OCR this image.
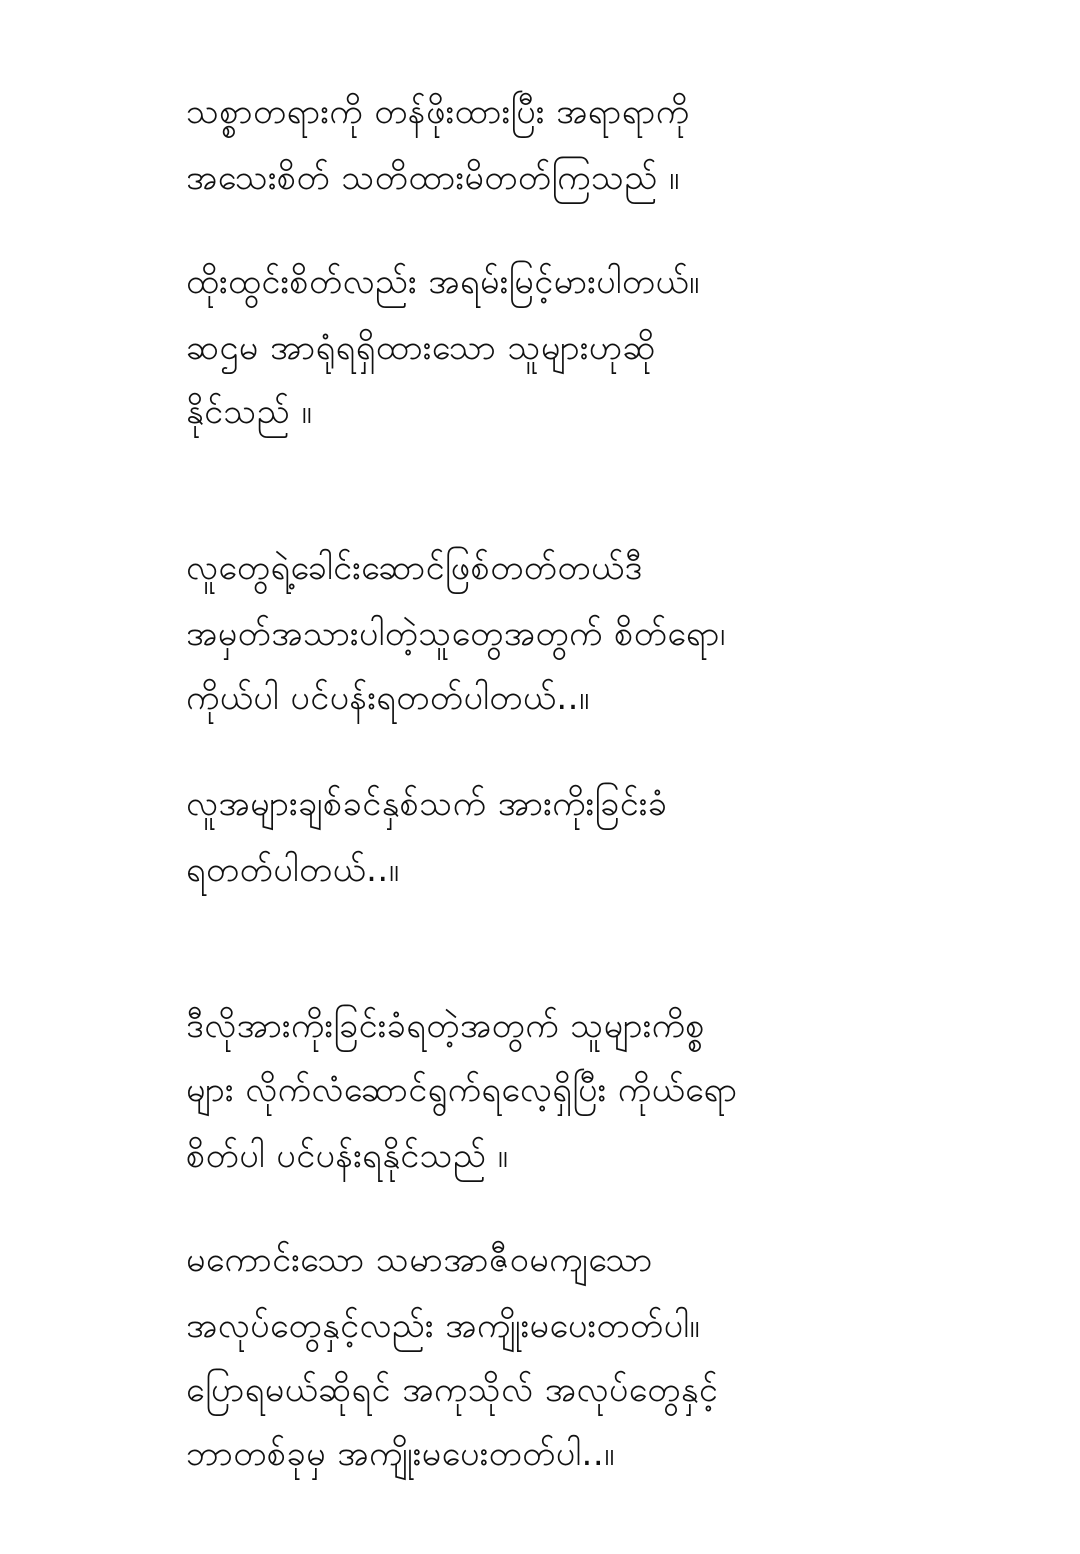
သစ္စာတရားကို တန်ဖိုးထားပြီး အရာရာကို
အသေးစိတ် သတိထားမိတတ်ကြသည် ။
ထိုးထွင်းစိတ်လည်း အရမ်းမြင့်မားပါတယ်။
ဆဌမ အာရုံရရှိထားသော သူများဟုဆို
နိုင်သည် ။
လူတွေရဲ့ခေါင်းဆောင်ဖြစ်တတ်တယ်ဒီ
အမှတ်အသားပါတဲ့သူတွေအတွက် စိတ်ရော၊
ကိုယ်ပါ ပင်ပန်းရတတ်ပါတယ်..။
လူအများချစ်ခင်နှစ်သက် အားကိုးခြင်းခံ
ရတတ်ပါတယ်..။
ဒီလိုအားကိုးခြင်းခံရတဲ့အတွက် သူများကိစ္စ
များ လိုက်လံဆောင်ရွက်ရလေ့ရှိပြီး ကိုယ်ရော
စိတ်ပါ ပင်ပန်းရနိုင်သည် ။
မကောင်းသော သမာအာဇီဝမကျသော
အလုပ်တွေနှင့်လည်း အကျိုးမပေးတတ်ပါ။
ပြောရမယ်ဆိုရင် အကုသိုလ် အလုပ်တွေနှင့်
ဘာတစ်ခုမှ အကျိုးမပေးတတ်ပါ..။
